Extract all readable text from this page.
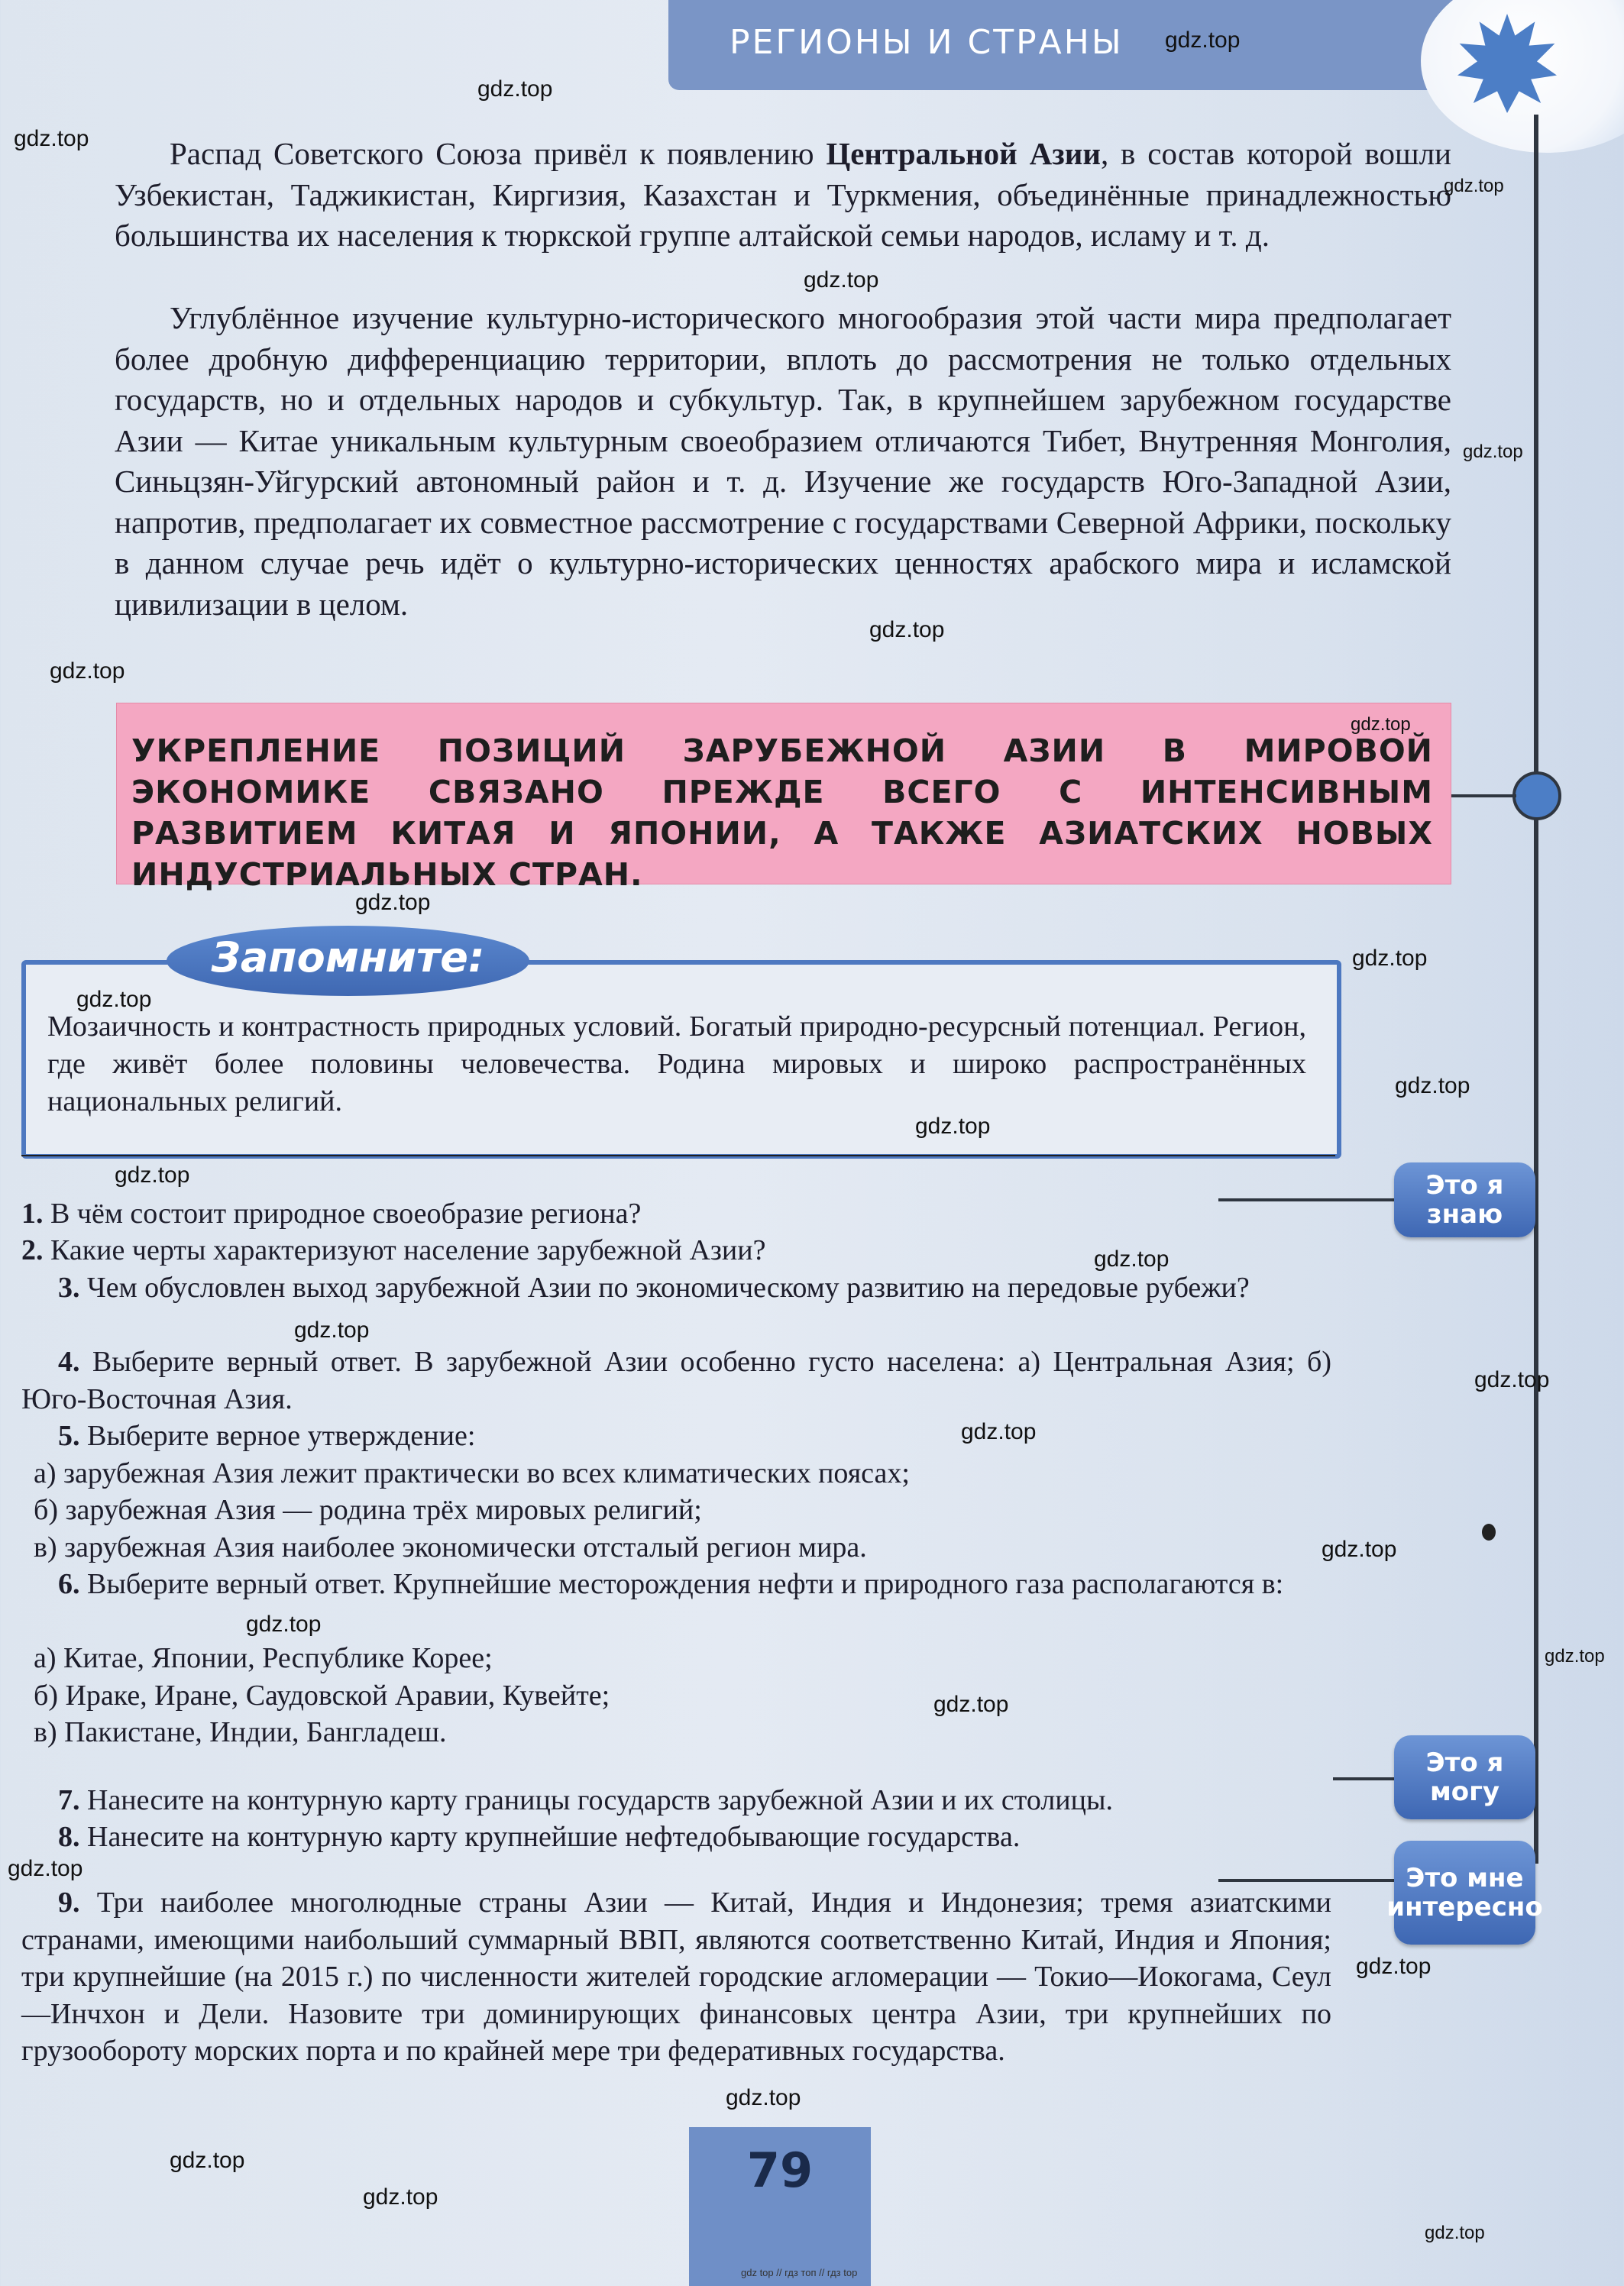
РЕГИОНЫ И СТРАНЫ

Распад Советского Союза привёл к появлению Центральной Азии, в состав которой вошли Узбекистан, Таджикистан, Киргизия, Казахстан и Туркмения, объединённые принадлежностью большинства их населения к тюркской группе алтайской семьи народов, исламу и т. д.

Углублённое изучение культурно-исторического многообразия этой части мира предполагает более дробную дифференциацию территории, вплоть до рассмотрения не только отдельных государств, но и отдельных народов и субкультур. Так, в крупнейшем зарубежном государстве Азии — Китае уникальным культурным своеобразием отличаются Тибет, Внутренняя Монголия, Синьцзян-Уйгурский автономный район и т. д. Изучение же государств Юго-Западной Азии, напротив, предполагает их совместное рассмотрение с государствами Северной Африки, поскольку в данном случае речь идёт о культурно-исторических ценностях арабского мира и исламской цивилизации в целом.

УКРЕПЛЕНИЕ ПОЗИЦИЙ ЗАРУБЕЖНОЙ АЗИИ В МИРОВОЙ ЭКОНОМИКЕ СВЯЗАНО ПРЕЖДЕ ВСЕГО С ИНТЕНСИВНЫМ РАЗВИТИЕМ КИТАЯ И ЯПОНИИ, А ТАКЖЕ АЗИАТСКИХ НОВЫХ ИНДУСТРИАЛЬНЫХ СТРАН.

Запомните:

Мозаичность и контрастность природных условий. Богатый природно-ресурсный потенциал. Регион, где живёт более половины человечества. Родина мировых и широко распространённых национальных религий.

Это я знаю
Это я могу
Это мне интересно

1. В чём состоит природное своеобразие региона?

2. Какие черты характеризуют население зарубежной Азии?

3. Чем обусловлен выход зарубежной Азии по экономическому развитию на передовые рубежи?

4. Выберите верный ответ. В зарубежной Азии особенно густо населена: а) Центральная Азия; б) Юго-Восточная Азия.

5. Выберите верное утверждение:

а) зарубежная Азия лежит практически во всех климатических поясах;

б) зарубежная Азия — родина трёх мировых религий;

в) зарубежная Азия наиболее экономически отсталый регион мира.

6. Выберите верный ответ. Крупнейшие месторождения нефти и природного газа располагаются в:

а) Китае, Японии, Республике Корее;

б) Ираке, Иране, Саудовской Аравии, Кувейте;

в) Пакистане, Индии, Бангладеш.

7. Нанесите на контурную карту границы государств зарубежной Азии и их столицы.

8. Нанесите на контурную карту крупнейшие нефтедобывающие государства.

9. Три наиболее многолюдные страны Азии — Китай, Индия и Индонезия; тремя азиатскими странами, имеющими наибольший суммарный ВВП, являются соответственно Китай, Индия и Япония; три крупнейшие (на 2015 г.) по численности жителей городские агломерации — Токио—Иокогама, Сеул—Инчхон и Дели. Назовите три доминирующих финансовых центра Азии, три крупнейших по грузообороту морских порта и по крайней мере три федеративных государства.

79
gdz.top
gdz.top
gdz.top
gdz.top
gdz.top
gdz.top
gdz.top
gdz.top
gdz.top
gdz.top
gdz.top
gdz.top
gdz.top
gdz.top
gdz.top
gdz.top
gdz.top
gdz.top
gdz.top
gdz.top
gdz.top
gdz.top
gdz.top
gdz.top
gdz.top
gdz.top
gdz.top
gdz.top
gdz.top
gdz top // гдз топ // гдз top
